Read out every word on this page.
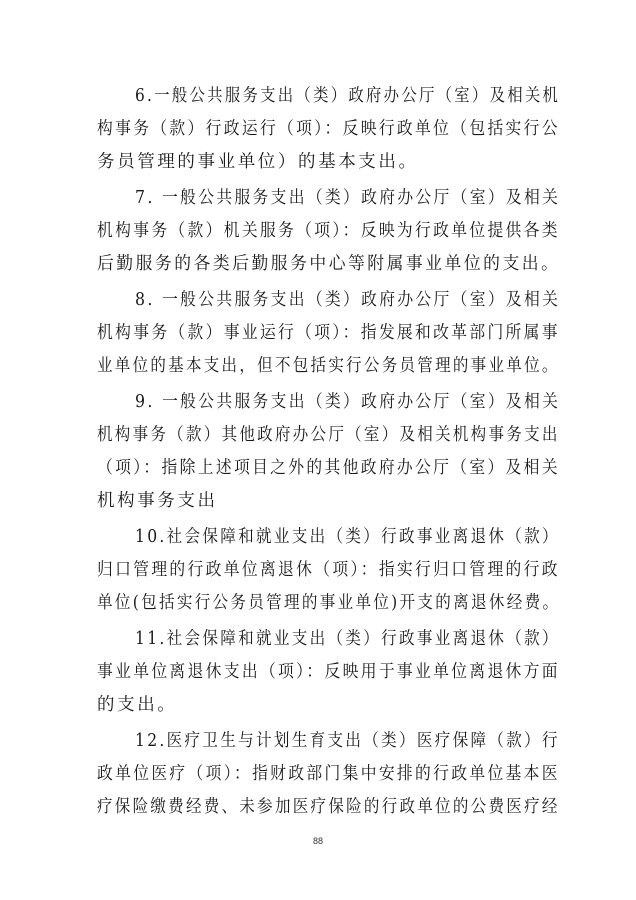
6.一般公共服务支出（类）政府办公厅（室）及相关机
构事务（款）行政运行（项）：反映行政单位（包括实行公
务员管理的事业单位）的基本支出。
7. 一般公共服务支出（类）政府办公厅（室）及相关
机构事务（款）机关服务（项）：反映为行政单位提供各类
后勤服务的各类后勤服务中心等附属事业单位的支出。
8. 一般公共服务支出（类）政府办公厅（室）及相关
机构事务（款）事业运行（项）：指发展和改革部门所属事
业单位的基本支出，但不包括实行公务员管理的事业单位。
9. 一般公共服务支出（类）政府办公厅（室）及相关
机构事务（款）其他政府办公厅（室）及相关机构事务支出
（项）：指除上述项目之外的其他政府办公厅（室）及相关
机构事务支出
10.社会保障和就业支出（类）行政事业离退休（款）
归口管理的行政单位离退休（项）：指实行归口管理的行政
单位(包括实行公务员管理的事业单位)开支的离退休经费。
11.社会保障和就业支出（类）行政事业离退休（款）
事业单位离退休支出（项）：反映用于事业单位离退休方面
的支出。
12.医疗卫生与计划生育支出（类）医疗保障（款）行
政单位医疗（项）：指财政部门集中安排的行政单位基本医
疗保险缴费经费、未参加医疗保险的行政单位的公费医疗经
88
